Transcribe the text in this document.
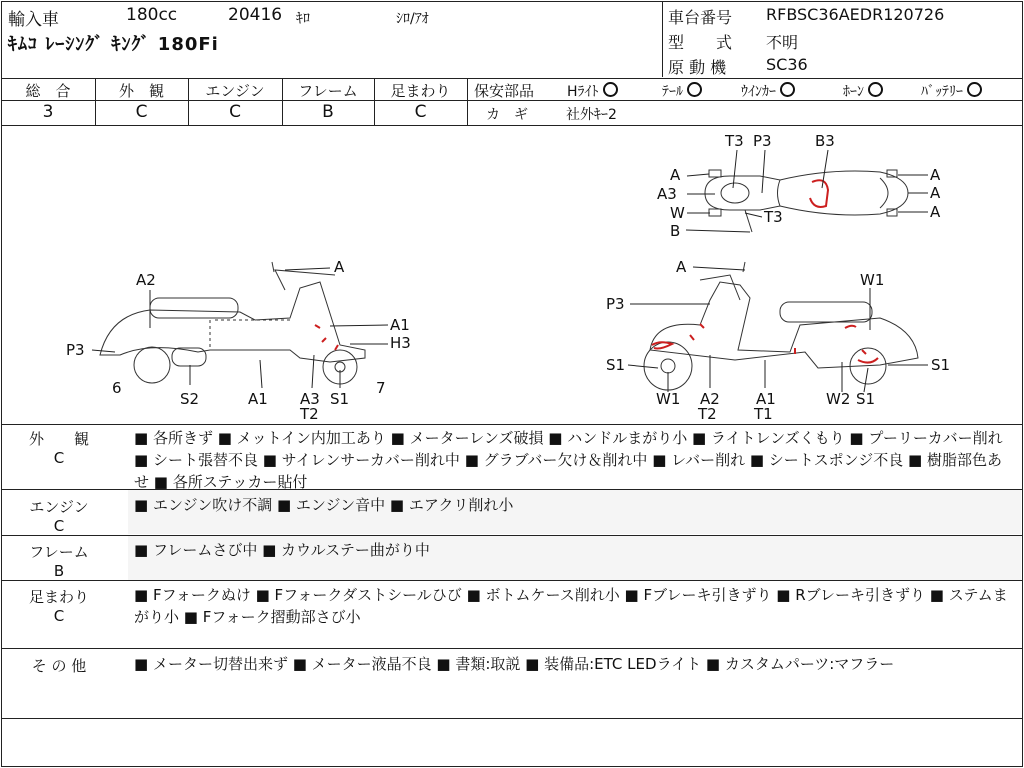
輸入車	180cc	20416 ｷﾛ	ｼﾛ/ｱｵ
ｷﾑｺ ﾚｰｼﾝｸﾞ ｷﾝｸﾞ 180Fi
車台番号 RFBSC36AEDR120726
型　　式 不明
原 動 機 SC36
総　合
3
外　観
C
エンジン
C
フレーム
B
足まわり
C
保安部品 Hﾗｲﾄ	ﾃｰﾙ	ｳｲﾝｶｰ	ﾎｰﾝ	ﾊﾞｯﾃﾘｰ
カ　ギ	社外ｷｰ2
T3 P3	B3
A
A3
W
B
T3
A
A
A
A
A2
A1
H3
P3
6	7
S2	A1 A3
T2
S1
A
W1
P3
S1	S1
W1 A2
T2
A1
T1
W2 S1
外　　観
C
■ 各所きず ■ メットイン内加工あり ■ メーターレンズ破損 ■ ハンドルまがり小 ■ ライトレンズくもり ■ プーリーカバー削れ ■ シート張替不良 ■ サイレンサーカバー削れ中 ■ グラブバー欠け＆削れ中 ■ レバー削れ ■ シートスポンジ不良 ■ 樹脂部色あせ ■ 各所ステッカー貼付
エンジン
C
■ エンジン吹け不調 ■ エンジン音中 ■ エアクリ削れ小
フレーム
B
■ フレームさび中 ■ カウルステー曲がり中
足まわり
C
■ Fフォークぬけ ■ Fフォークダストシールひび ■ ボトムケース削れ小 ■ Fブレーキ引きずり ■ Rブレーキ引きずり ■ ステムまがり小 ■ Fフォーク摺動部さび小
そ の 他	■ メーター切替出来ず ■ メーター液晶不良 ■ 書類:取説 ■ 装備品:ETC LEDライト ■ カスタムパーツ:マフラー
